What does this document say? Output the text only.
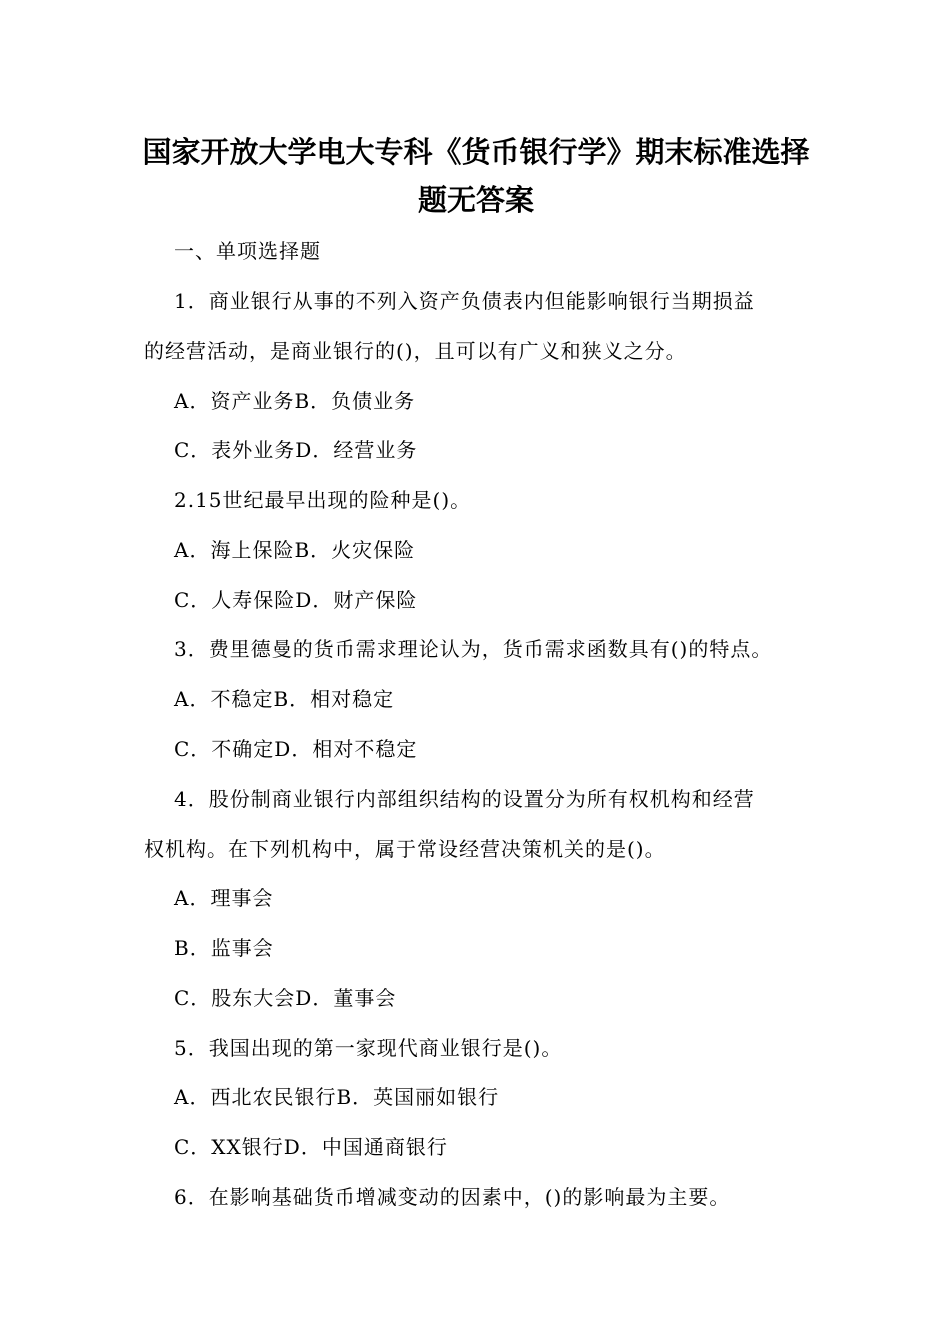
国家开放大学电大专科《货币银行学》期末标准选择
题无答案
一、单项选择题
1．商业银行从事的不列入资产负债表内但能影响银行当期损益
的经营活动，是商业银行的()，且可以有广义和狭义之分。
A．资产业务B．负债业务
C．表外业务D．经营业务
2.15世纪最早出现的险种是()。
A．海上保险B．火灾保险
C．人寿保险D．财产保险
3．费里德曼的货币需求理论认为，货币需求函数具有()的特点。
A．不稳定B．相对稳定
C．不确定D．相对不稳定
4．股份制商业银行内部组织结构的设置分为所有权机构和经营
权机构。在下列机构中，属于常设经营决策机关的是()。
A．理事会
B．监事会
C．股东大会D．董事会
5．我国出现的第一家现代商业银行是()。
A．西北农民银行B．英国丽如银行
C．XX银行D．中国通商银行
6．在影响基础货币增减变动的因素中，()的影响最为主要。
